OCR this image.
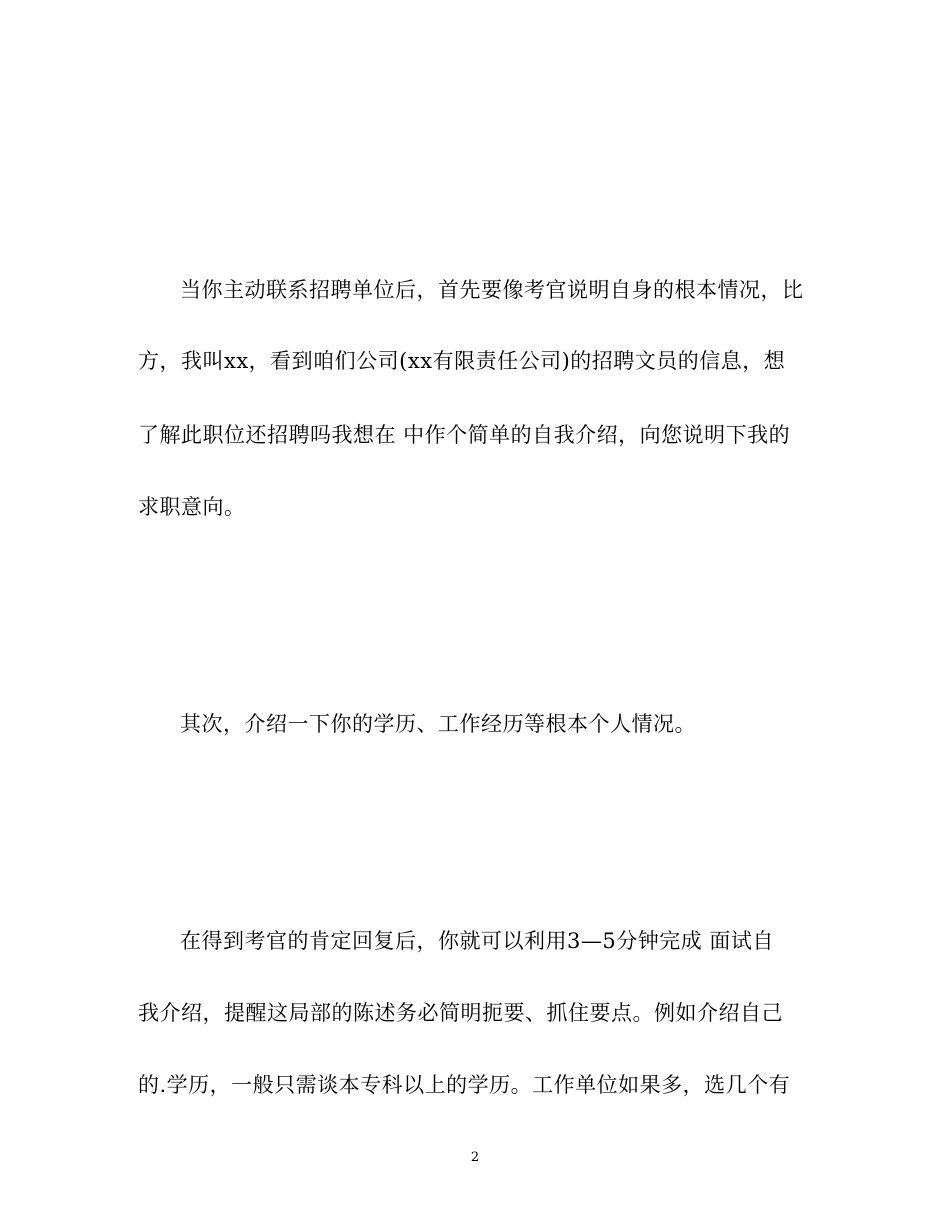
当你主动联系招聘单位后，首先要像考官说明自身的根本情况，比
方，我叫xx，看到咱们公司(xx有限责任公司)的招聘文员的信息，想
了解此职位还招聘吗我想在 中作个简单的自我介绍，向您说明下我的
求职意向。
其次，介绍一下你的学历、工作经历等根本个人情况。
在得到考官的肯定回复后，你就可以利用3—5分钟完成 面试自
我介绍，提醒这局部的陈述务必简明扼要、抓住要点。例如介绍自己
的.学历，一般只需谈本专科以上的学历。工作单位如果多，选几个有
2
